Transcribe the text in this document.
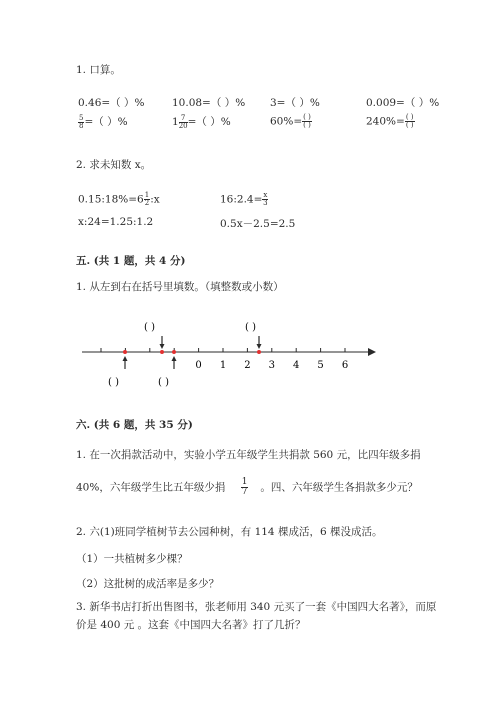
1. 口算。
0.46=（ ）%	10.08=（ ）% 3=（ ）%	0.009=（ ）%
$\frac{5}{8}$ =（ ）%	$1 \frac{7}{20}$ =（ ）%	$60\%= \frac{( )}{( )}$	$240\%= \frac{( )}{( )}$
2. 求未知数 x。
0.15:18%=6 $\frac{1}{2}$ :x	16:2.4= $\frac{x}{3}$
x:24=1.25:1.2	0.5x－2.5=2.5
五. (共 1 题，共 4 分)
1. 从左到右在括号里填数。（填整数或小数）
0 1 2 3 4 5 6
( )	( )
( )	( )
六. (共 6 题，共 35 分)
1. 在一次捐款活动中，实验小学五年级学生共捐款 560 元，比四年级多捐
40%，六年级学生比五年级少捐 $\frac{1}{7}$ 。四、六年级学生各捐款多少元？
2. 六(1)班同学植树节去公园种树，有 114 棵成活，6 棵没成活。
（1）一共植树多少棵？
（2）这批树的成活率是多少？
3. 新华书店打折出售图书，张老师用 340 元买了一套《中国四大名著》，而原
价是 400 元 。这套《中国四大名著》打了几折？
